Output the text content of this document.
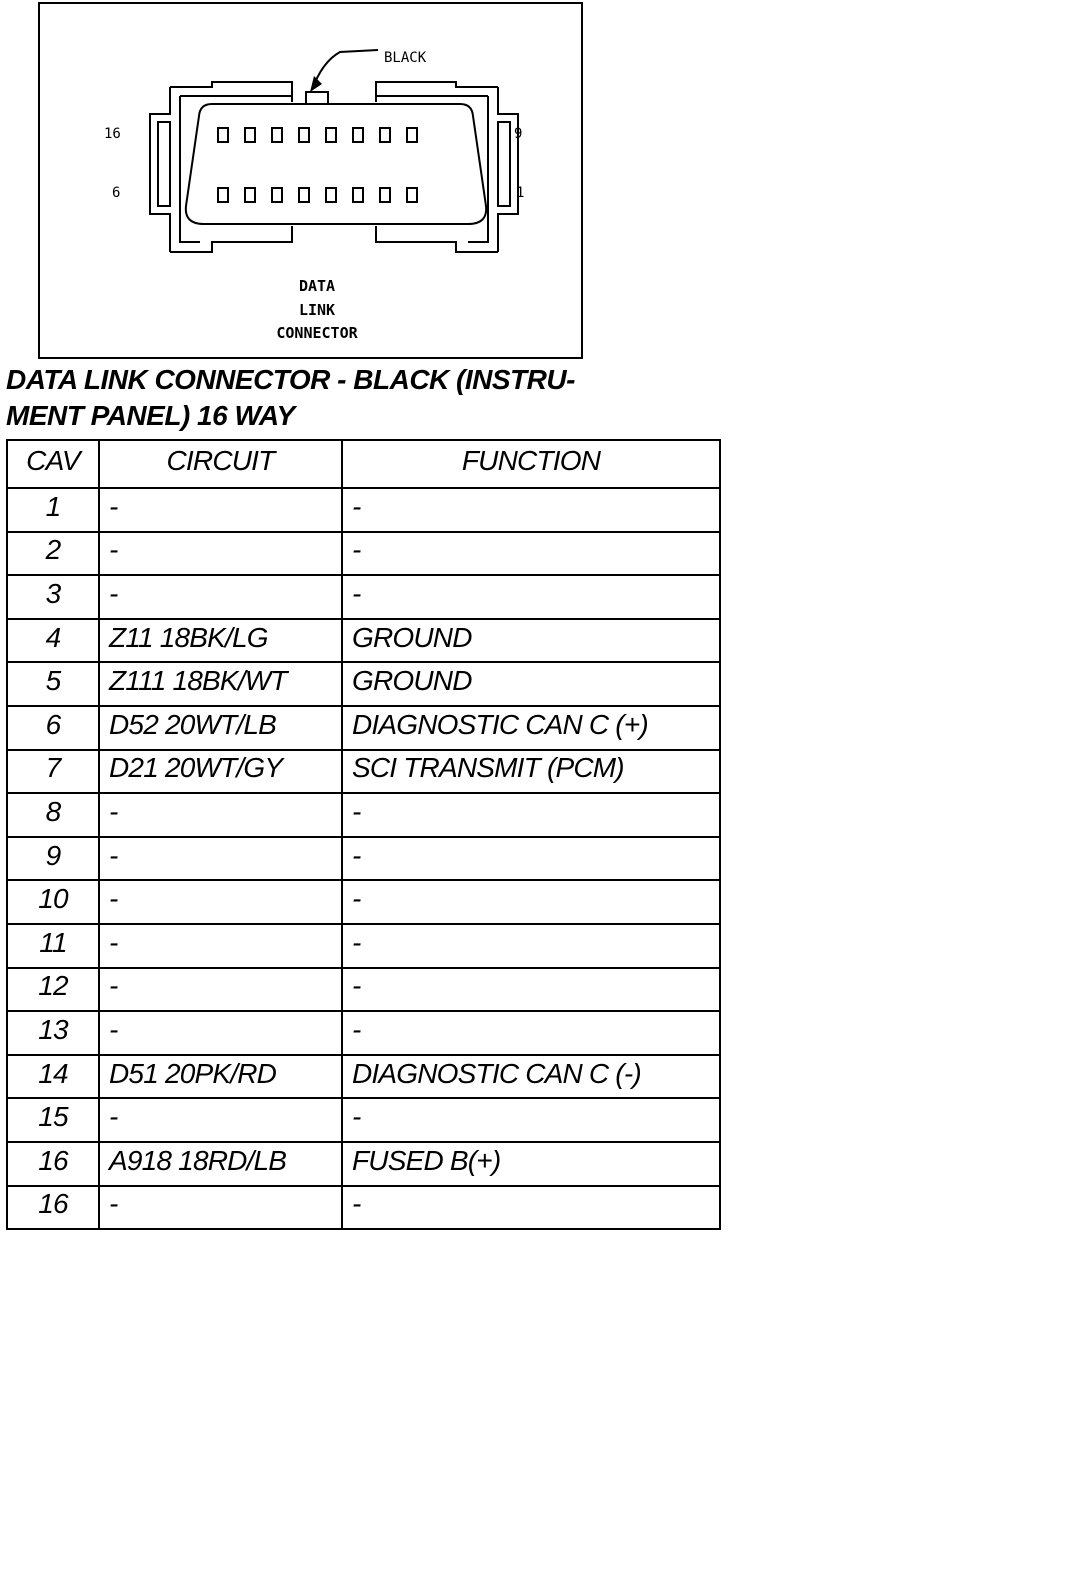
BLACK
16	9
6	1
DATA
LINK
CONNECTOR
DATA LINK CONNECTOR - BLACK (INSTRU-
MENT PANEL) 16 WAY
CAV	CIRCUIT	FUNCTION
1	-	-
2	-	-
3	-	-
4	Z11 18BK/LG	GROUND
5	Z111 18BK/WT	GROUND
6	D52 20WT/LB	DIAGNOSTIC CAN C (+)
7	D21 20WT/GY	SCI TRANSMIT (PCM)
8	-	-
9	-	-
10	-	-
11	-	-
12	-	-
13	-	-
14	D51 20PK/RD	DIAGNOSTIC CAN C (-)
15	-	-
16	A918 18RD/LB	FUSED B(+)
16	-	-
